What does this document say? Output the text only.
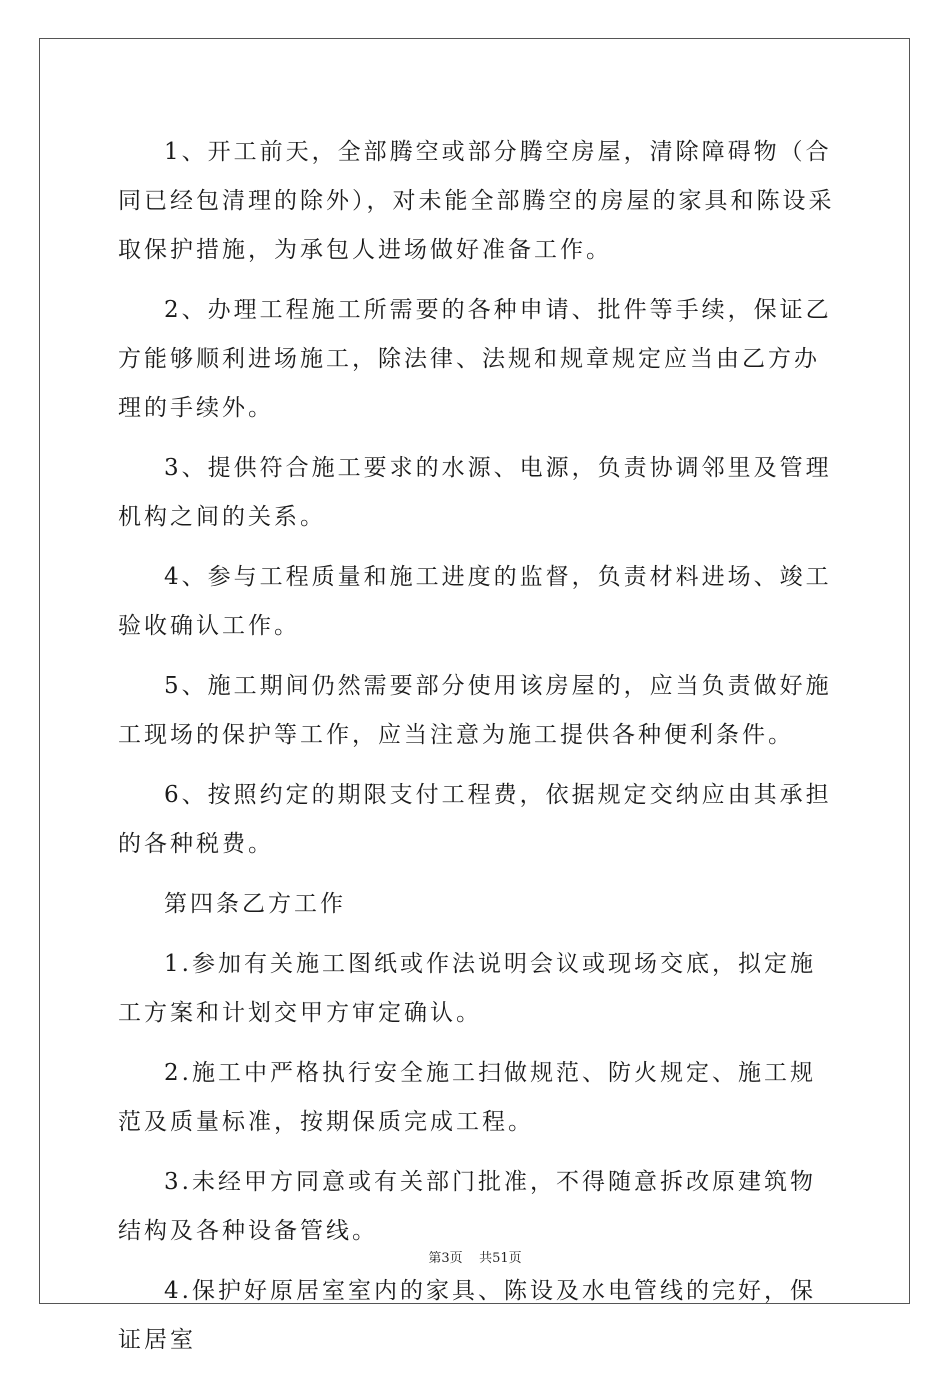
1、开工前天，全部腾空或部分腾空房屋，清除障碍物（合同已经包清理的除外），对未能全部腾空的房屋的家具和陈设采取保护措施，为承包人进场做好准备工作。

2、办理工程施工所需要的各种申请、批件等手续，保证乙方能够顺利进场施工，除法律、法规和规章规定应当由乙方办理的手续外。

3、提供符合施工要求的水源、电源，负责协调邻里及管理机构之间的关系。

4、参与工程质量和施工进度的监督，负责材料进场、竣工验收确认工作。

5、施工期间仍然需要部分使用该房屋的，应当负责做好施工现场的保护等工作，应当注意为施工提供各种便利条件。

6、按照约定的期限支付工程费，依据规定交纳应由其承担的各种税费。

第四条乙方工作

1.参加有关施工图纸或作法说明会议或现场交底，拟定施工方案和计划交甲方审定确认。

2.施工中严格执行安全施工扫做规范、防火规定、施工规范及质量标准，按期保质完成工程。

3.未经甲方同意或有关部门批准，不得随意拆改原建筑物结构及各种设备管线。

4.保护好原居室室内的家具、陈设及水电管线的完好，保证居室

第3页    共51页
